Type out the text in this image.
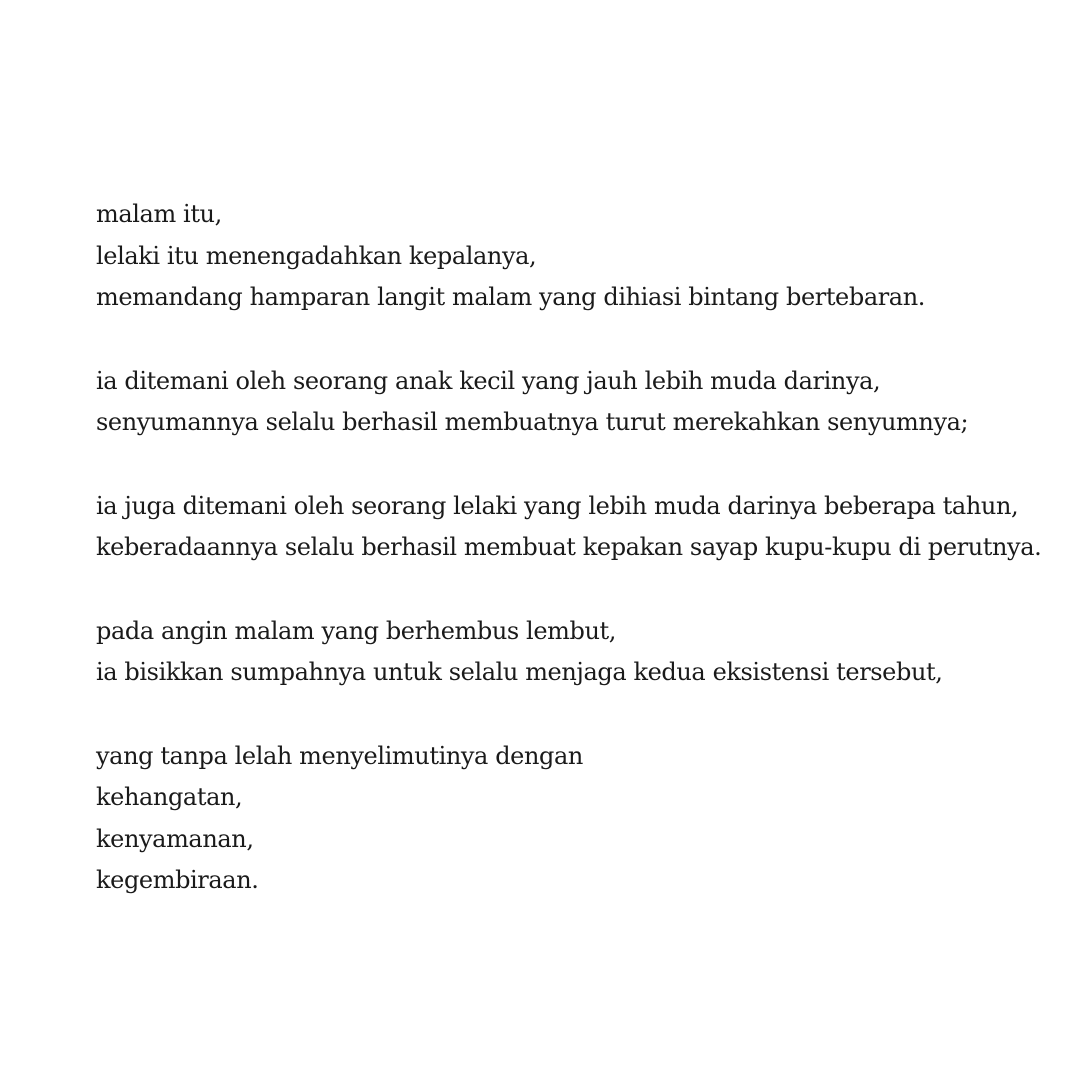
malam itu,
lelaki itu menengadahkan kepalanya,
memandang hamparan langit malam yang dihiasi bintang bertebaran.
ia ditemani oleh seorang anak kecil yang jauh lebih muda darinya,
senyumannya selalu berhasil membuatnya turut merekahkan senyumnya;
ia juga ditemani oleh seorang lelaki yang lebih muda darinya beberapa tahun,
keberadaannya selalu berhasil membuat kepakan sayap kupu-kupu di perutnya.
pada angin malam yang berhembus lembut,
ia bisikkan sumpahnya untuk selalu menjaga kedua eksistensi tersebut,
yang tanpa lelah menyelimutinya dengan
kehangatan,
kenyamanan,
kegembiraan.
